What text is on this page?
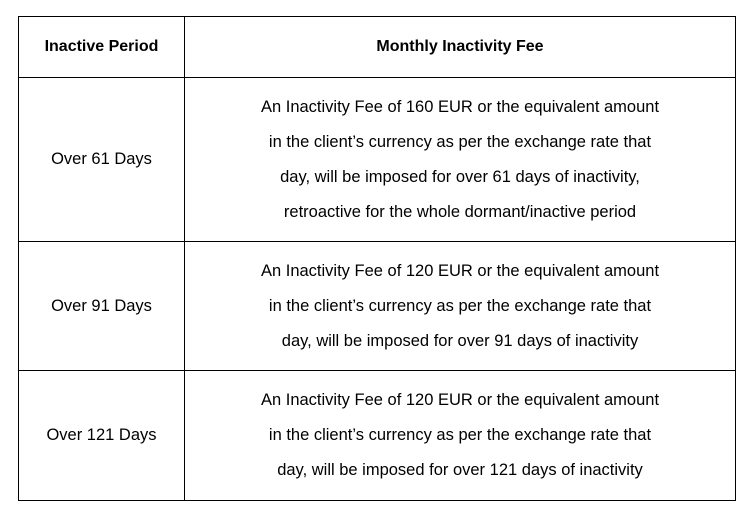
Inactive Period	Monthly Inactivity Fee
Over 61 Days	An Inactivity Fee of 160 EUR or the equivalent amount
in the client’s currency as per the exchange rate that
day, will be imposed for over 61 days of inactivity,
retroactive for the whole dormant/inactive period

Over 91 Days	An Inactivity Fee of 120 EUR or the equivalent amount
in the client’s currency as per the exchange rate that
day, will be imposed for over 91 days of inactivity

Over 121 Days	An Inactivity Fee of 120 EUR or the equivalent amount
in the client’s currency as per the exchange rate that
day, will be imposed for over 121 days of inactivity
